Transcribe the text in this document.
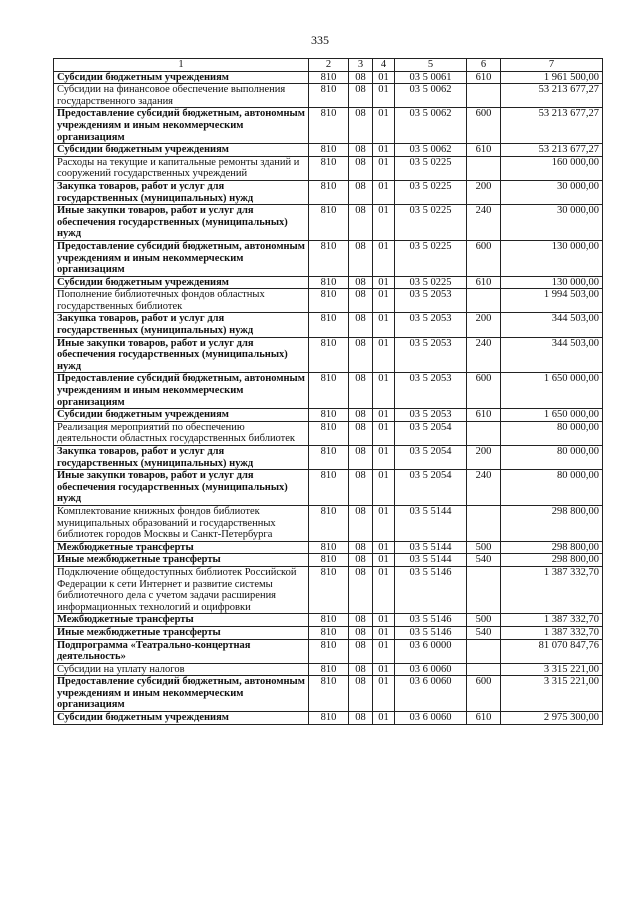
335
1	2	3	4	5	6	7
Субсидии бюджетным учреждениям	810	08	01	03 5 0061	610	1 961 500,00
Субсидии на финансовое обеспечение выполнения государственного задания	810	08	01	03 5 0062		53 213 677,27
Предоставление субсидий бюджетным, автономным учреждениям и иным некоммерческим организациям	810	08	01	03 5 0062	600	53 213 677,27
Субсидии бюджетным учреждениям	810	08	01	03 5 0062	610	53 213 677,27
Расходы на текущие и капитальные ремонты зданий и сооружений государственных учреждений	810	08	01	03 5 0225		160 000,00
Закупка товаров, работ и услуг для государственных (муниципальных) нужд	810	08	01	03 5 0225	200	30 000,00
Иные закупки товаров, работ и услуг для обеспечения государственных (муниципальных) нужд	810	08	01	03 5 0225	240	30 000,00
Предоставление субсидий бюджетным, автономным учреждениям и иным некоммерческим организациям	810	08	01	03 5 0225	600	130 000,00
Субсидии бюджетным учреждениям	810	08	01	03 5 0225	610	130 000,00
Пополнение библиотечных фондов областных государственных библиотек	810	08	01	03 5 2053		1 994 503,00
Закупка товаров, работ и услуг для государственных (муниципальных) нужд	810	08	01	03 5 2053	200	344 503,00
Иные закупки товаров, работ и услуг для обеспечения государственных (муниципальных) нужд	810	08	01	03 5 2053	240	344 503,00
Предоставление субсидий бюджетным, автономным учреждениям и иным некоммерческим организациям	810	08	01	03 5 2053	600	1 650 000,00
Субсидии бюджетным учреждениям	810	08	01	03 5 2053	610	1 650 000,00
Реализация мероприятий по обеспечению деятельности областных государственных библиотек	810	08	01	03 5 2054		80 000,00
Закупка товаров, работ и услуг для государственных (муниципальных) нужд	810	08	01	03 5 2054	200	80 000,00
Иные закупки товаров, работ и услуг для обеспечения государственных (муниципальных) нужд	810	08	01	03 5 2054	240	80 000,00
Комплектование книжных фондов библиотек муниципальных образований и государственных библиотек городов Москвы и Санкт-Петербурга	810	08	01	03 5 5144		298 800,00
Межбюджетные трансферты	810	08	01	03 5 5144	500	298 800,00
Иные межбюджетные трансферты	810	08	01	03 5 5144	540	298 800,00
Подключение общедоступных библиотек Российской Федерации к сети Интернет и развитие системы библиотечного дела с учетом задачи расширения информационных технологий и оцифровки	810	08	01	03 5 5146		1 387 332,70
Межбюджетные трансферты	810	08	01	03 5 5146	500	1 387 332,70
Иные межбюджетные трансферты	810	08	01	03 5 5146	540	1 387 332,70
Подпрограмма «Театрально-концертная деятельность»	810	08	01	03 6 0000		81 070 847,76
Субсидии на уплату налогов	810	08	01	03 6 0060		3 315 221,00
Предоставление субсидий бюджетным, автономным учреждениям и иным некоммерческим организациям	810	08	01	03 6 0060	600	3 315 221,00
Субсидии бюджетным учреждениям	810	08	01	03 6 0060	610	2 975 300,00
